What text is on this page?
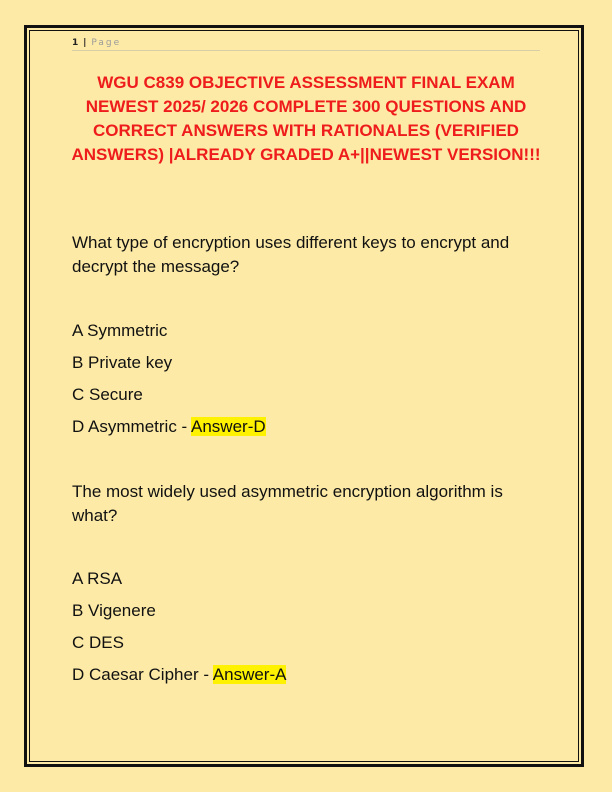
1 | Page
WGU C839 OBJECTIVE ASSESSMENT FINAL EXAM NEWEST 2025/ 2026 COMPLETE 300 QUESTIONS AND CORRECT ANSWERS WITH RATIONALES (VERIFIED ANSWERS) |ALREADY GRADED A+||NEWEST VERSION!!!
What type of encryption uses different keys to encrypt and decrypt the message?
A Symmetric
B Private key
C Secure
D Asymmetric - Answer-D
The most widely used asymmetric encryption algorithm is what?
A RSA
B Vigenere
C DES
D Caesar Cipher - Answer-A
